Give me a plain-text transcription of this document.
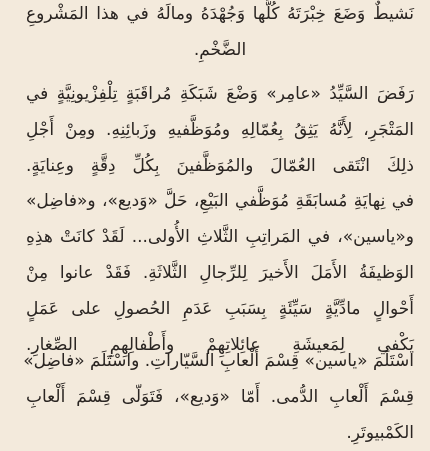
نَشيطٌ وَضَعَ خِبْرَتَهُ كُلَّها وَجُهْدَهُ ومالَهُ في هذا المَشْروعِ
الضَّخْمِ.
رَفَضَ السَّيِّدُ «عامِر» وَضْعَ شَبَكَةِ مُراقَبَةٍ تِلْفِزْيونِيَّةٍ في
المَتْجَرِ، لِأَنَّهُ يَثِقُ بِعُمّالِهِ ومُوَظَّفيهِ وزَبائِنِهِ. ومِنْ أَجْلِ
ذلِكَ انْتَقى العُمّالَ والمُوَظَّفينَ بِكُلِّ دِقَّةٍ وعِنايَةٍ.
في نِهايَةِ مُسابَقَةِ مُوَظَّفي البَيْعِ، حَلَّ «وَديع»، و«فاضِل»
و«ياسين»، في المَراتِبِ الثَّلاثِ الأُولى... لَقَدْ كانَتْ هذِهِ
الوَظيفَةُ الأَمَلَ الأَخيرَ لِلرِّجالِ الثَّلاثَةِ. فَقَدْ عانوا مِنْ
أَحْوالٍ مادِّيَّةٍ سَيِّئَةٍ بِسَبَبِ عَدَمِ الحُصولِ على عَمَلٍ
يَكْفي لِمَعيشَةِ عائِلاتِهِمْ وأَطْفالِهِمِ الصِّغارِ.
اسْتَلَمَ «ياسين» قِسْمَ أَلْعابِ السَّيّاراتِ. واسْتَلَمَ «فاضِل»
قِسْمَ أَلْعابِ الدُّمى. أَمّا «وَديع»، فَتَوَلّى قِسْمَ أَلْعابِ
الكَمْبيوتَرِ.
